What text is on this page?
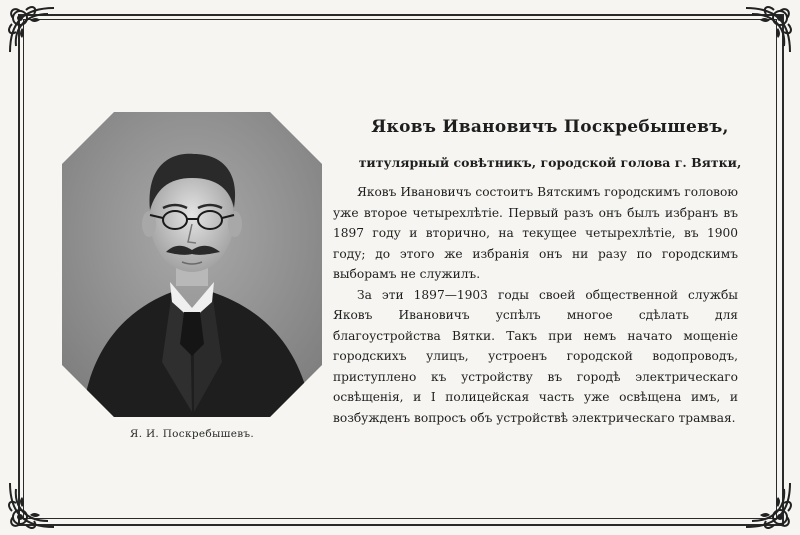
Я. И. Поскребышевъ.
Яковъ Ивановичъ Поскребышевъ,
титулярный совѣтникъ, городской голова г. Вятки,

Яковъ Ивановичъ состоитъ Вятскимъ городскимъ головою уже второе четырехлѣтіе. Первый разъ онъ былъ избранъ въ 1897 году и вторично, на текущее четырехлѣтіе, въ 1900 году; до этого же избранія онъ ни разу по городскимъ выборамъ не служилъ.

За эти 1897—1903 годы своей общественной службы Яковъ Ивановичъ успѣлъ многое сдѣлать для благоустройства Вятки. Такъ при немъ начато мощеніе городскихъ улицъ, устроенъ городской водопроводъ, приступлено къ устройству въ городѣ электрическаго освѣщенія, и I полицейская часть уже освѣщена имъ, и возбужденъ вопросъ объ устройствѣ электрическаго трамвая.
